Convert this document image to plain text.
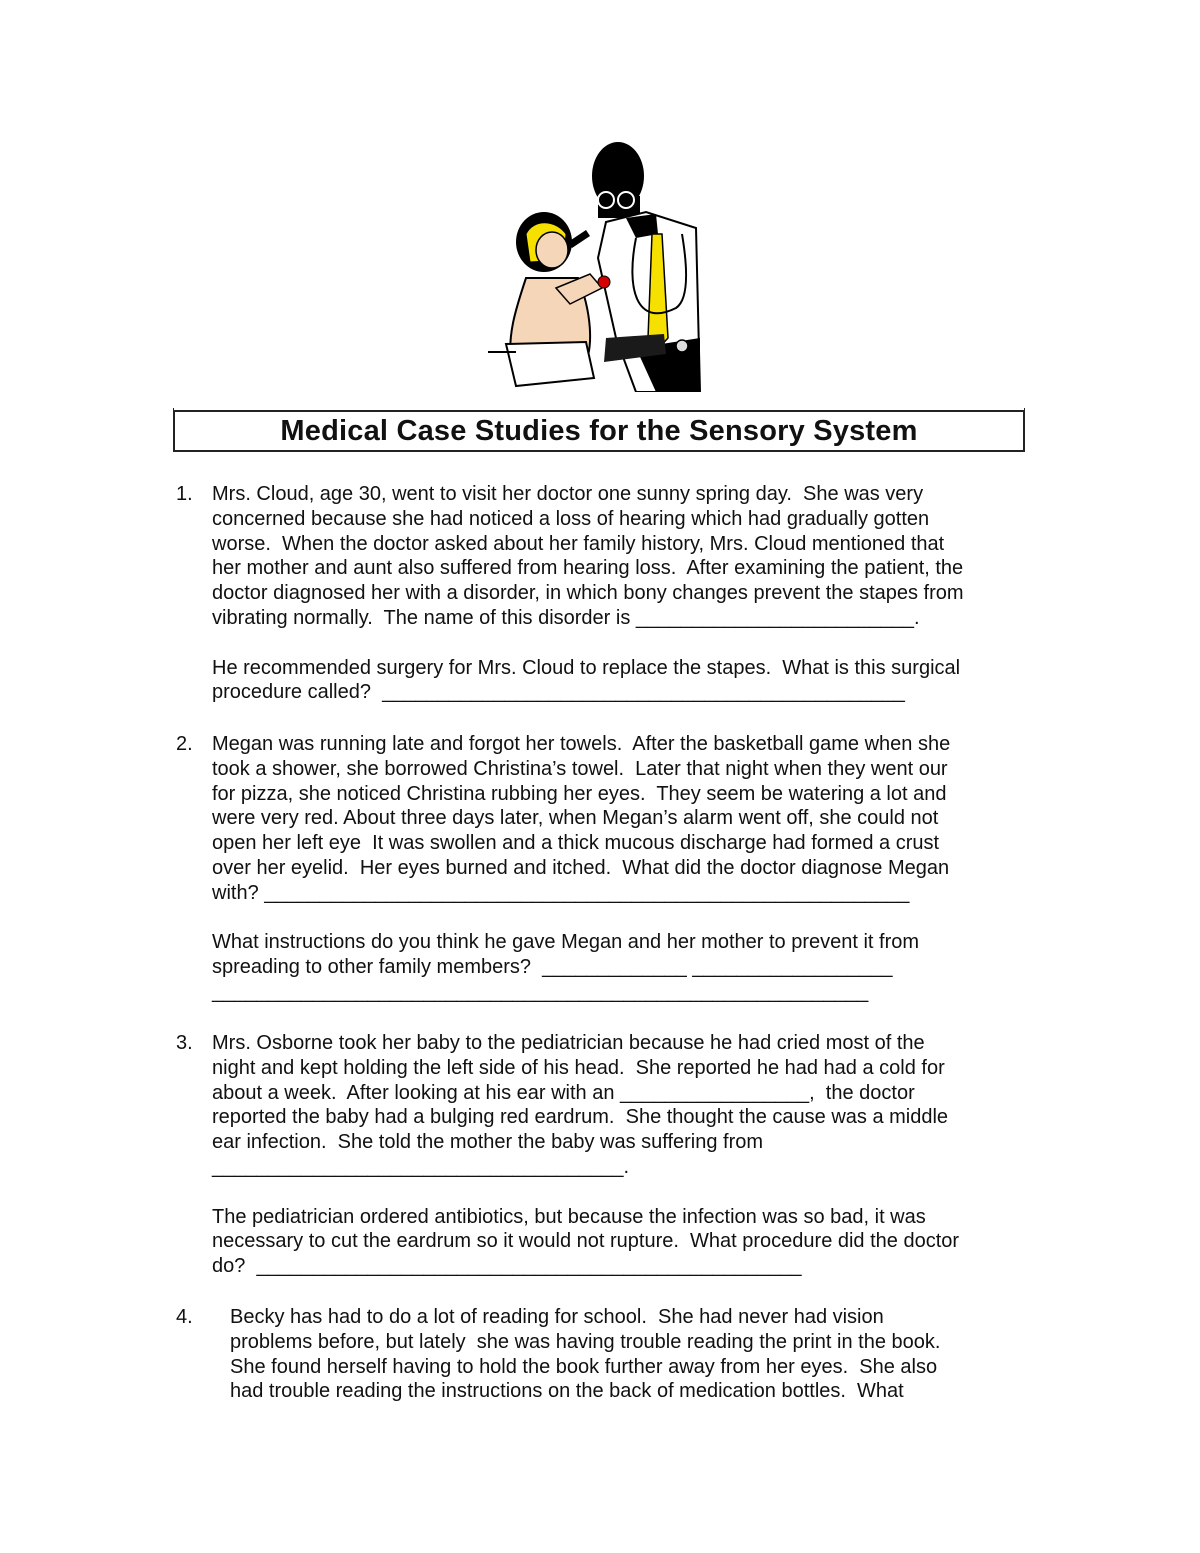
Medical Case Studies for the Sensory System
1. Mrs. Cloud, age 30, went to visit her doctor one sunny spring day.  She was very
concerned because she had noticed a loss of hearing which had gradually gotten
worse.  When the doctor asked about her family history, Mrs. Cloud mentioned that
her mother and aunt also suffered from hearing loss.  After examining the patient, the
doctor diagnosed her with a disorder, in which bony changes prevent the stapes from
vibrating normally.  The name of this disorder is _________________________.
He recommended surgery for Mrs. Cloud to replace the stapes.  What is this surgical
procedure called?  _______________________________________________
2. Megan was running late and forgot her towels.  After the basketball game when she
took a shower, she borrowed Christina’s towel.  Later that night when they went our
for pizza, she noticed Christina rubbing her eyes.  They seem be watering a lot and
were very red. About three days later, when Megan’s alarm went off, she could not
open her left eye  It was swollen and a thick mucous discharge had formed a crust
over her eyelid.  Her eyes burned and itched.  What did the doctor diagnose Megan
with? __________________________________________________________
What instructions do you think he gave Megan and her mother to prevent it from
spreading to other family members?  _____________ __________________
___________________________________________________________
3. Mrs. Osborne took her baby to the pediatrician because he had cried most of the
night and kept holding the left side of his head.  She reported he had had a cold for
about a week.  After looking at his ear with an _________________,  the doctor
reported the baby had a bulging red eardrum.  She thought the cause was a middle
ear infection.  She told the mother the baby was suffering from
_____________________________________.
The pediatrician ordered antibiotics, but because the infection was so bad, it was
necessary to cut the eardrum so it would not rupture.  What procedure did the doctor
do?  _________________________________________________
4. Becky has had to do a lot of reading for school.  She had never had vision
problems before, but lately  she was having trouble reading the print in the book.
She found herself having to hold the book further away from her eyes.  She also
had trouble reading the instructions on the back of medication bottles.  What
